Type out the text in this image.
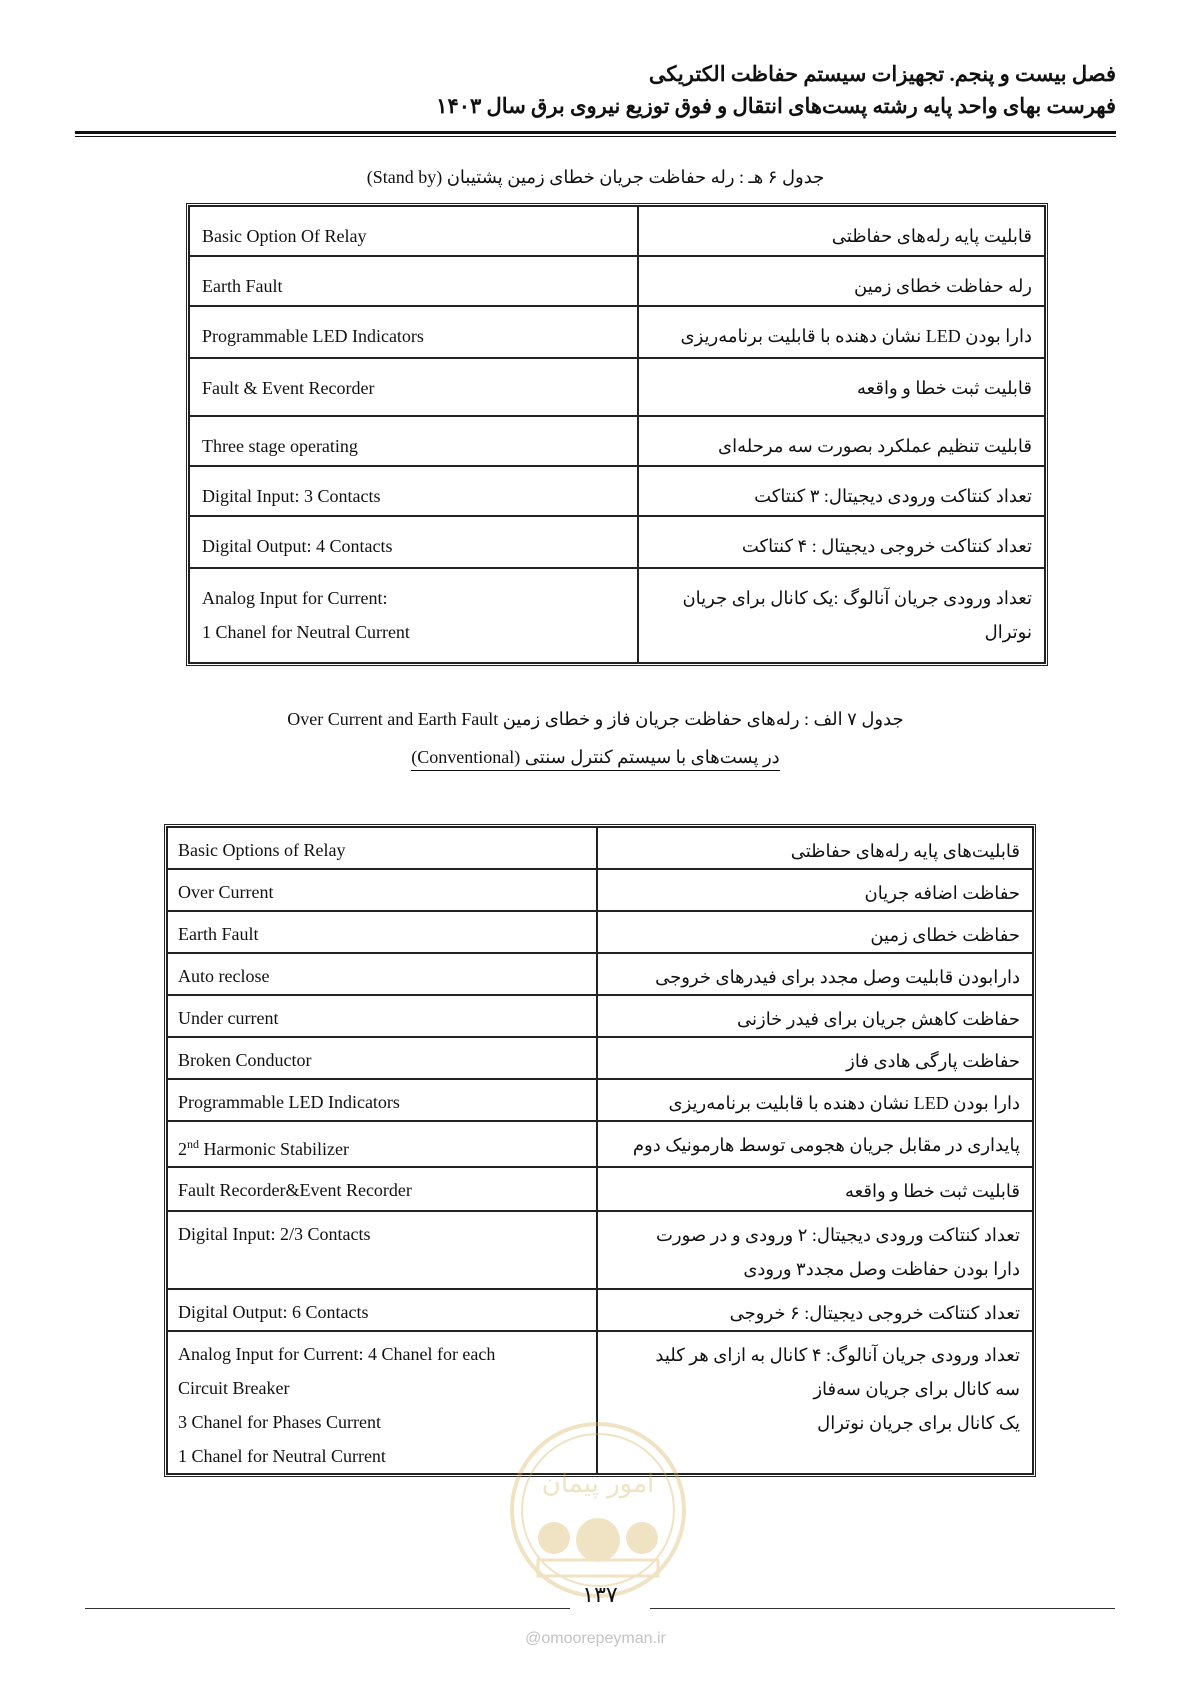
فصل بیست و پنجم. تجهیزات سیستم حفاظت الکتریکی
فهرست بهای واحد پایه رشته پست‌های انتقال و فوق توزیع نیروی برق سال ۱۴۰۳
جدول ۶ هـ : رله حفاظت جریان خطای زمین پشتیبان (Stand by)
Basic Option Of Relay	قابلیت پایه رله‌های حفاظتی

Earth Fault	رله حفاظت خطای زمین

Programmable LED Indicators	دارا بودن LED نشان دهنده با قابلیت برنامه‌ریزی

Fault & Event Recorder	قابلیت ثبت خطا و واقعه

Three stage operating	قابلیت تنظیم عملکرد بصورت سه مرحله‌ای

Digital Input: 3 Contacts	تعداد کنتاکت ورودی دیجیتال: ۳ کنتاکت

Digital Output: 4 Contacts	تعداد کنتاکت خروجی دیجیتال : ۴ کنتاکت

Analog Input for Current:
1 Chanel for Neutral Current	تعداد ورودی جریان آنالوگ :یک کانال برای جریان
نوترال
جدول ۷ الف : رله‌های حفاظت جریان فاز و خطای زمین Over Current and Earth Fault
در پست‌های با سیستم کنترل سنتی (Conventional)
Basic Options of Relay	قابلیت‌های پایه رله‌های حفاظتی

Over Current	حفاظت اضافه جریان

Earth Fault	حفاظت خطای زمین

Auto reclose	دارابودن قابلیت وصل مجدد برای فیدرهای خروجی

Under current	حفاظت کاهش جریان برای فیدر خازنی

Broken Conductor	حفاظت پارگی هادی فاز

Programmable LED Indicators	دارا بودن LED نشان دهنده با قابلیت برنامه‌ریزی

2nd Harmonic Stabilizer	پایداری در مقابل جریان هجومی توسط هارمونیک دوم

Fault Recorder&Event Recorder	قابلیت ثبت خطا و واقعه

Digital Input: 2/3 Contacts	تعداد کنتاکت ورودی دیجیتال: ۲ ورودی و در صورت
دارا بودن حفاظت وصل مجدد۳ ورودی

Digital Output: 6 Contacts	تعداد کنتاکت خروجی دیجیتال: ۶ خروجی

Analog Input for Current: 4 Chanel for each
Circuit Breaker
3 Chanel for Phases Current
1 Chanel for Neutral Current	تعداد ورودی جریان آنالوگ: ۴ کانال به ازای هر کلید
سه کانال برای جریان سه‌فاز
یک کانال برای جریان نوترال
امور پیمان
۱۳۷
@omoorepeyman.ir
